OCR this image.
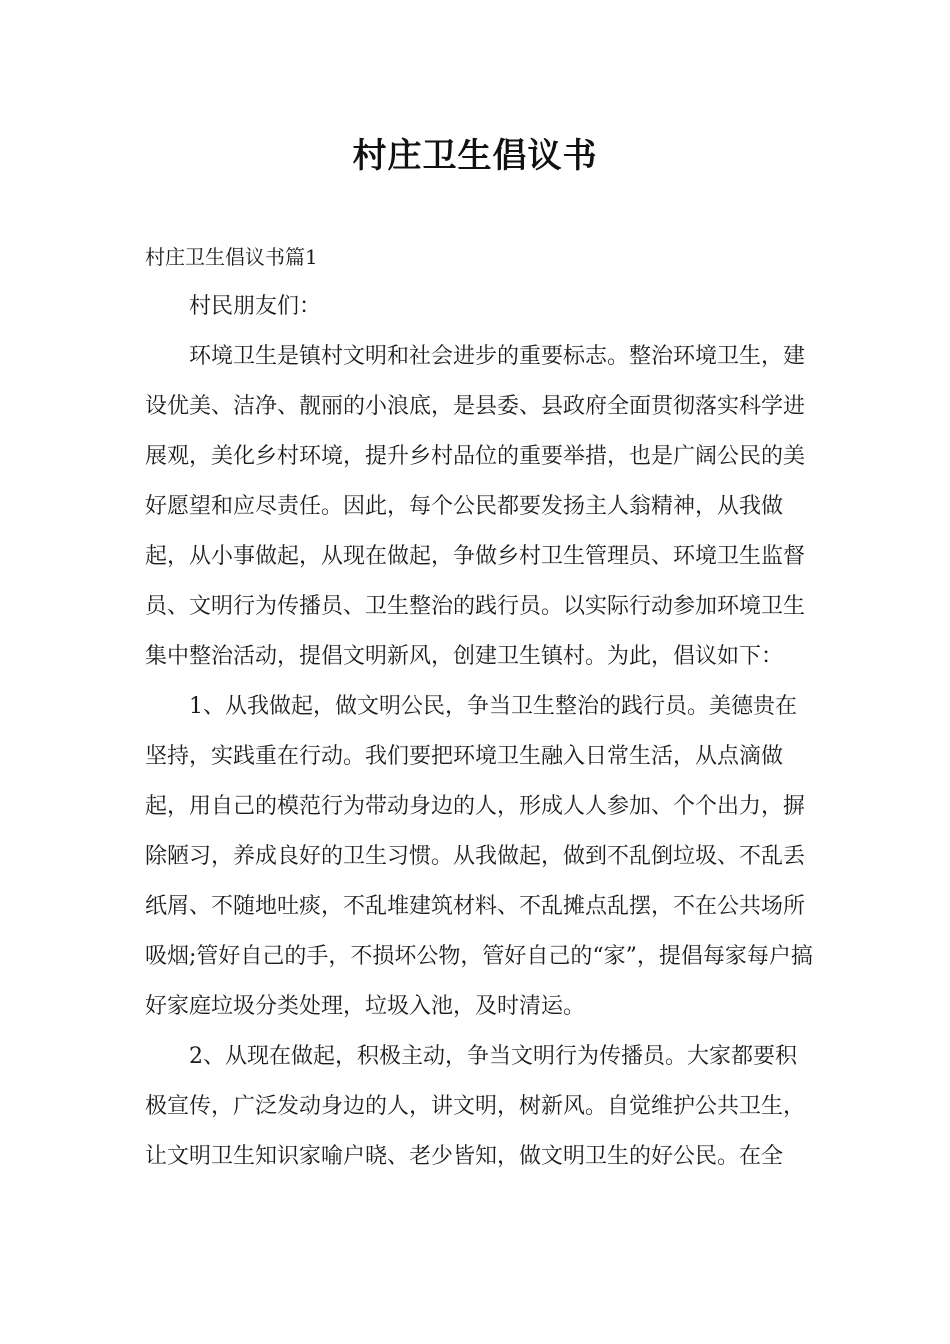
村庄卫生倡议书

村庄卫生倡议书篇1

村民朋友们：

环境卫生是镇村文明和社会进步的重要标志。整治环境卫生，建设优美、洁净、靓丽的小浪底，是县委、县政府全面贯彻落实科学进展观，美化乡村环境，提升乡村品位的重要举措，也是广阔公民的美好愿望和应尽责任。因此，每个公民都要发扬主人翁精神，从我做起，从小事做起，从现在做起，争做乡村卫生管理员、环境卫生监督员、文明行为传播员、卫生整治的践行员。以实际行动参加环境卫生集中整治活动，提倡文明新风，创建卫生镇村。为此，倡议如下：

1、从我做起，做文明公民，争当卫生整治的践行员。美德贵在坚持，实践重在行动。我们要把环境卫生融入日常生活，从点滴做起，用自己的模范行为带动身边的人，形成人人参加、个个出力，摒除陋习，养成良好的卫生习惯。从我做起，做到不乱倒垃圾、不乱丢纸屑、不随地吐痰，不乱堆建筑材料、不乱摊点乱摆，不在公共场所吸烟;管好自己的手，不损坏公物，管好自己的“家”，提倡每家每户搞好家庭垃圾分类处理，垃圾入池，及时清运。

2、从现在做起，积极主动，争当文明行为传播员。大家都要积极宣传，广泛发动身边的人，讲文明，树新风。自觉维护公共卫生，让文明卫生知识家喻户晓、老少皆知，做文明卫生的好公民。在全
